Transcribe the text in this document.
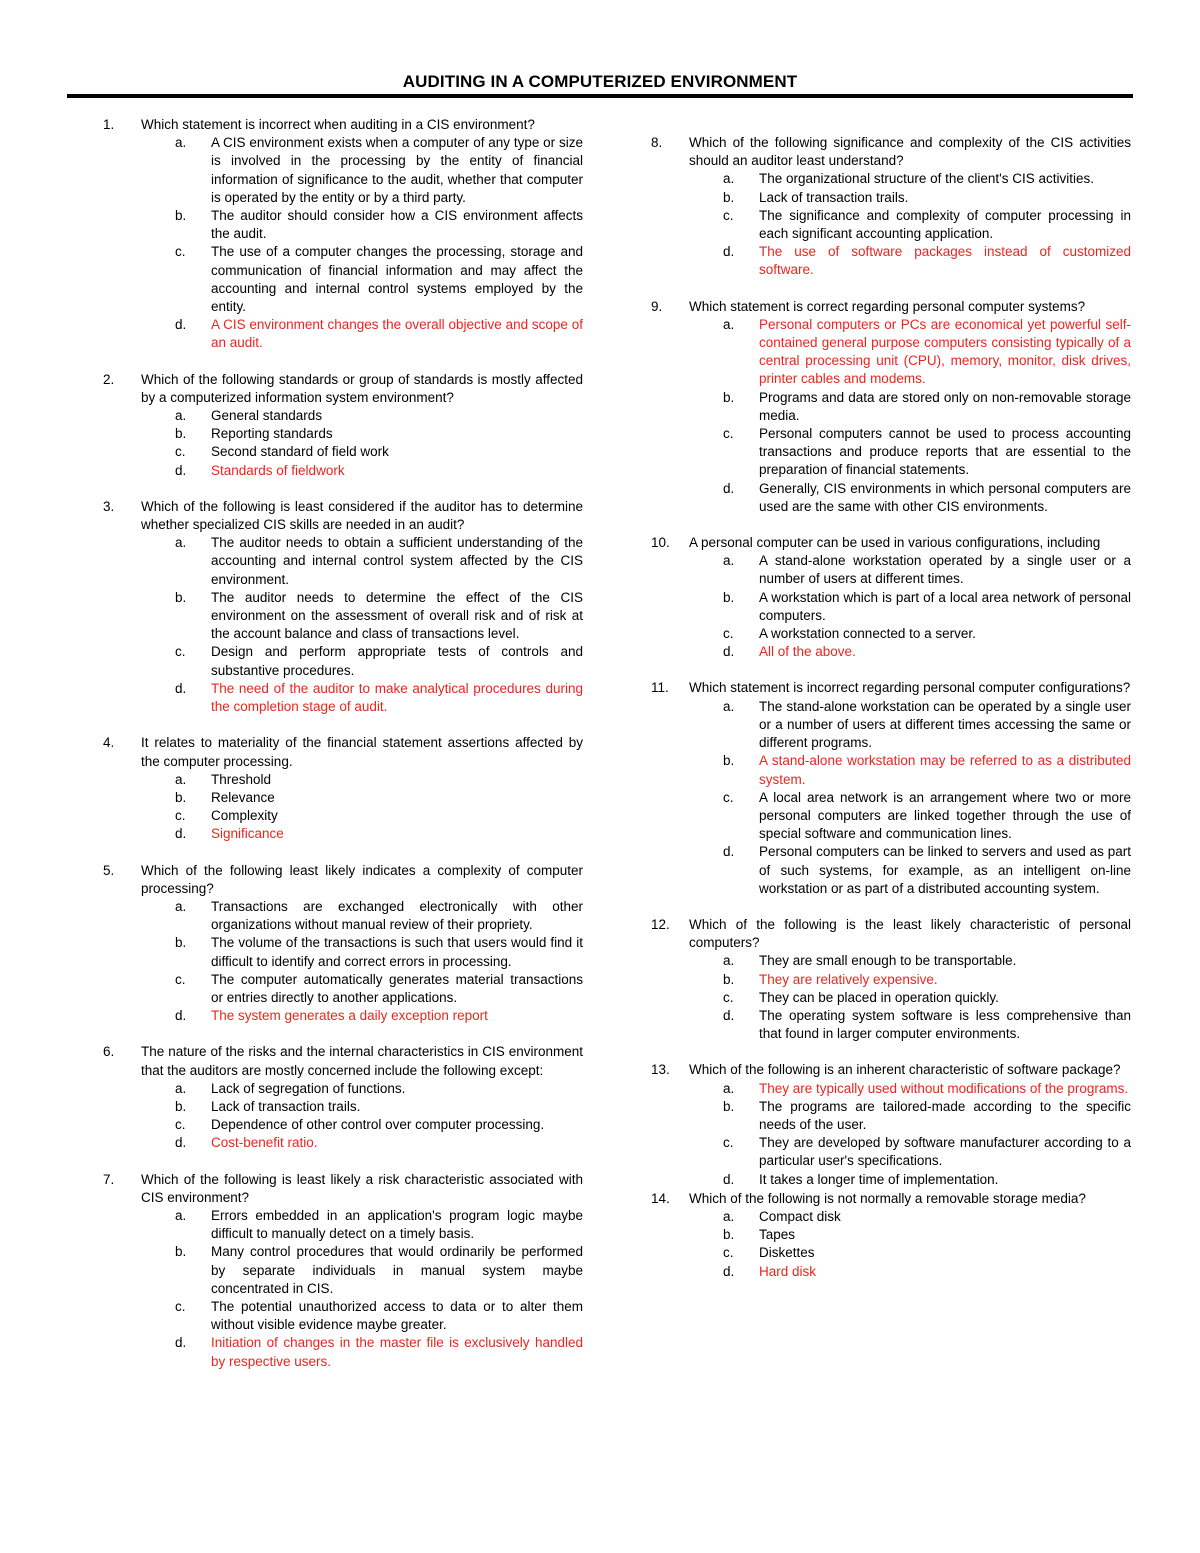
AUDITING IN A COMPUTERIZED ENVIRONMENT
1. Which statement is incorrect when auditing in a CIS environment?
a. A CIS environment exists when a computer of any type or size is involved in the processing by the entity of financial information of significance to the audit, whether that computer is operated by the entity or by a third party.
b. The auditor should consider how a CIS environment affects the audit.
c. The use of a computer changes the processing, storage and communication of financial information and may affect the accounting and internal control systems employed by the entity.
d. A CIS environment changes the overall objective and scope of an audit.
2. Which of the following standards or group of standards is mostly affected by a computerized information system environment?
a. General standards
b. Reporting standards
c. Second standard of field work
d. Standards of fieldwork
3. Which of the following is least considered if the auditor has to determine whether specialized CIS skills are needed in an audit?
a. The auditor needs to obtain a sufficient understanding of the accounting and internal control system affected by the CIS environment.
b. The auditor needs to determine the effect of the CIS environment on the assessment of overall risk and of risk at the account balance and class of transactions level.
c. Design and perform appropriate tests of controls and substantive procedures.
d. The need of the auditor to make analytical procedures during the completion stage of audit.
4. It relates to materiality of the financial statement assertions affected by the computer processing.
a. Threshold
b. Relevance
c. Complexity
d. Significance
5. Which of the following least likely indicates a complexity of computer processing?
a. Transactions are exchanged electronically with other organizations without manual review of their propriety.
b. The volume of the transactions is such that users would find it difficult to identify and correct errors in processing.
c. The computer automatically generates material transactions or entries directly to another applications.
d. The system generates a daily exception report
6. The nature of the risks and the internal characteristics in CIS environment that the auditors are mostly concerned include the following except:
a. Lack of segregation of functions.
b. Lack of transaction trails.
c. Dependence of other control over computer processing.
d. Cost-benefit ratio.
7. Which of the following is least likely a risk characteristic associated with CIS environment?
a. Errors embedded in an application's program logic maybe difficult to manually detect on a timely basis.
b. Many control procedures that would ordinarily be performed by separate individuals in manual system maybe concentrated in CIS.
c. The potential unauthorized access to data or to alter them without visible evidence maybe greater.
d. Initiation of changes in the master file is exclusively handled by respective users.
8. Which of the following significance and complexity of the CIS activities should an auditor least understand?
a. The organizational structure of the client's CIS activities.
b. Lack of transaction trails.
c. The significance and complexity of computer processing in each significant accounting application.
d. The use of software packages instead of customized software.
9. Which statement is correct regarding personal computer systems?
a. Personal computers or PCs are economical yet powerful self-contained general purpose computers consisting typically of a central processing unit (CPU), memory, monitor, disk drives, printer cables and modems.
b. Programs and data are stored only on non-removable storage media.
c. Personal computers cannot be used to process accounting transactions and produce reports that are essential to the preparation of financial statements.
d. Generally, CIS environments in which personal computers are used are the same with other CIS environments.
10. A personal computer can be used in various configurations, including
a. A stand-alone workstation operated by a single user or a number of users at different times.
b. A workstation which is part of a local area network of personal computers.
c. A workstation connected to a server.
d. All of the above.
11. Which statement is incorrect regarding personal computer configurations?
a. The stand-alone workstation can be operated by a single user or a number of users at different times accessing the same or different programs.
b. A stand-alone workstation may be referred to as a distributed system.
c. A local area network is an arrangement where two or more personal computers are linked together through the use of special software and communication lines.
d. Personal computers can be linked to servers and used as part of such systems, for example, as an intelligent on-line workstation or as part of a distributed accounting system.
12. Which of the following is the least likely characteristic of personal computers?
a. They are small enough to be transportable.
b. They are relatively expensive.
c. They can be placed in operation quickly.
d. The operating system software is less comprehensive than that found in larger computer environments.
13. Which of the following is an inherent characteristic of software package?
a. They are typically used without modifications of the programs.
b. The programs are tailored-made according to the specific needs of the user.
c. They are developed by software manufacturer according to a particular user's specifications.
d. It takes a longer time of implementation.
14. Which of the following is not normally a removable storage media?
a. Compact disk
b. Tapes
c. Diskettes
d. Hard disk
